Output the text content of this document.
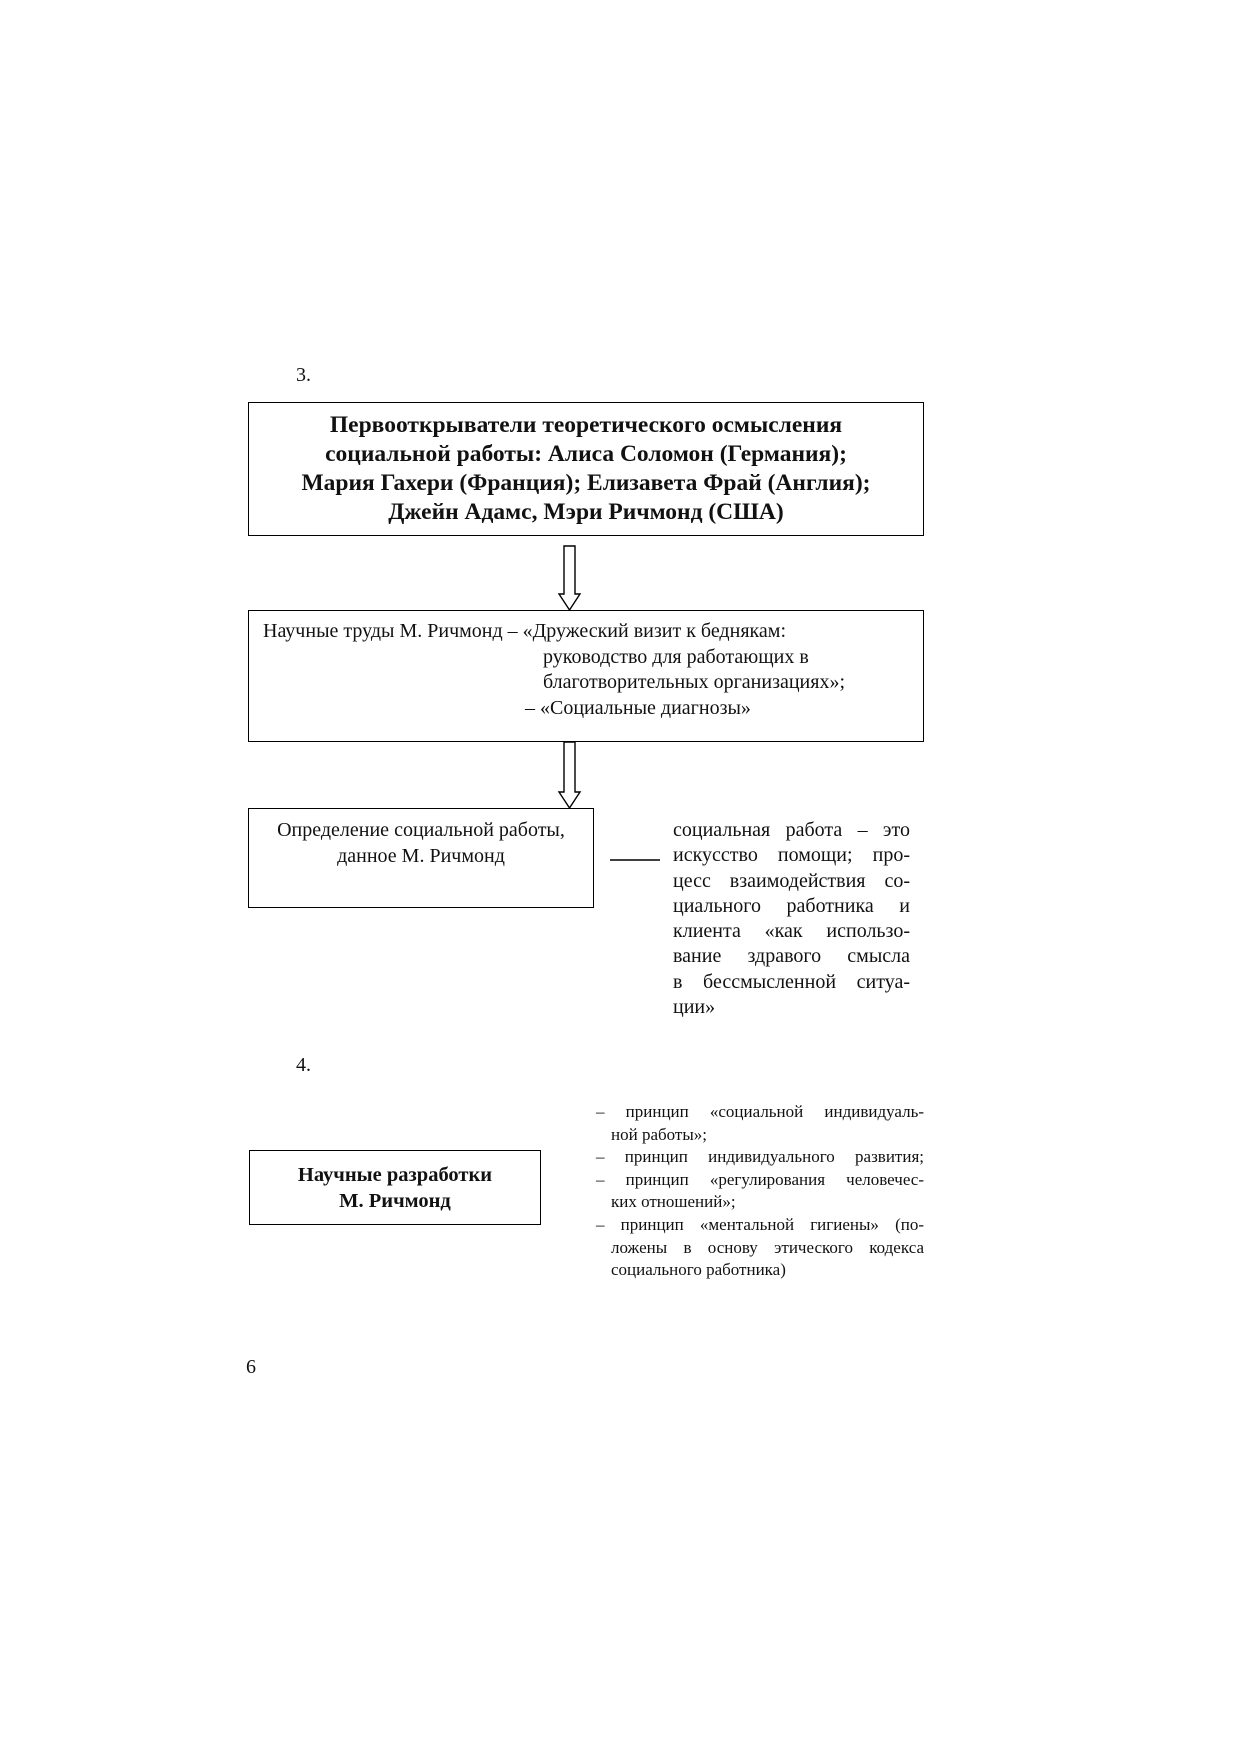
3.
Первооткрыватели теоретического осмысления
социальной работы: Алиса Соломон (Германия);
Мария Гахери (Франция); Елизавета Фрай (Англия);
Джейн Адамс, Мэри Ричмонд (США)
Научные труды М. Ричмонд – «Дружеский визит к беднякам:
руководство для работающих в
благотворительных организациях»;
– «Социальные диагнозы»
Определение социальной работы,
данное М. Ричмонд
социальная работа – это
искусство помощи; про-
цесс взаимодействия со-
циального работника и
клиента «как использо-
вание здравого смысла
в бессмысленной ситуа-
ции»
4.
Научные разработки
М. Ричмонд
– принцип «социальной индивидуаль-
ной работы»;
– принцип индивидуального развития;
– принцип «регулирования человечес-
ких отношений»;
– принцип «ментальной гигиены» (по-
ложены в основу этического кодекса
социального работника)
6
